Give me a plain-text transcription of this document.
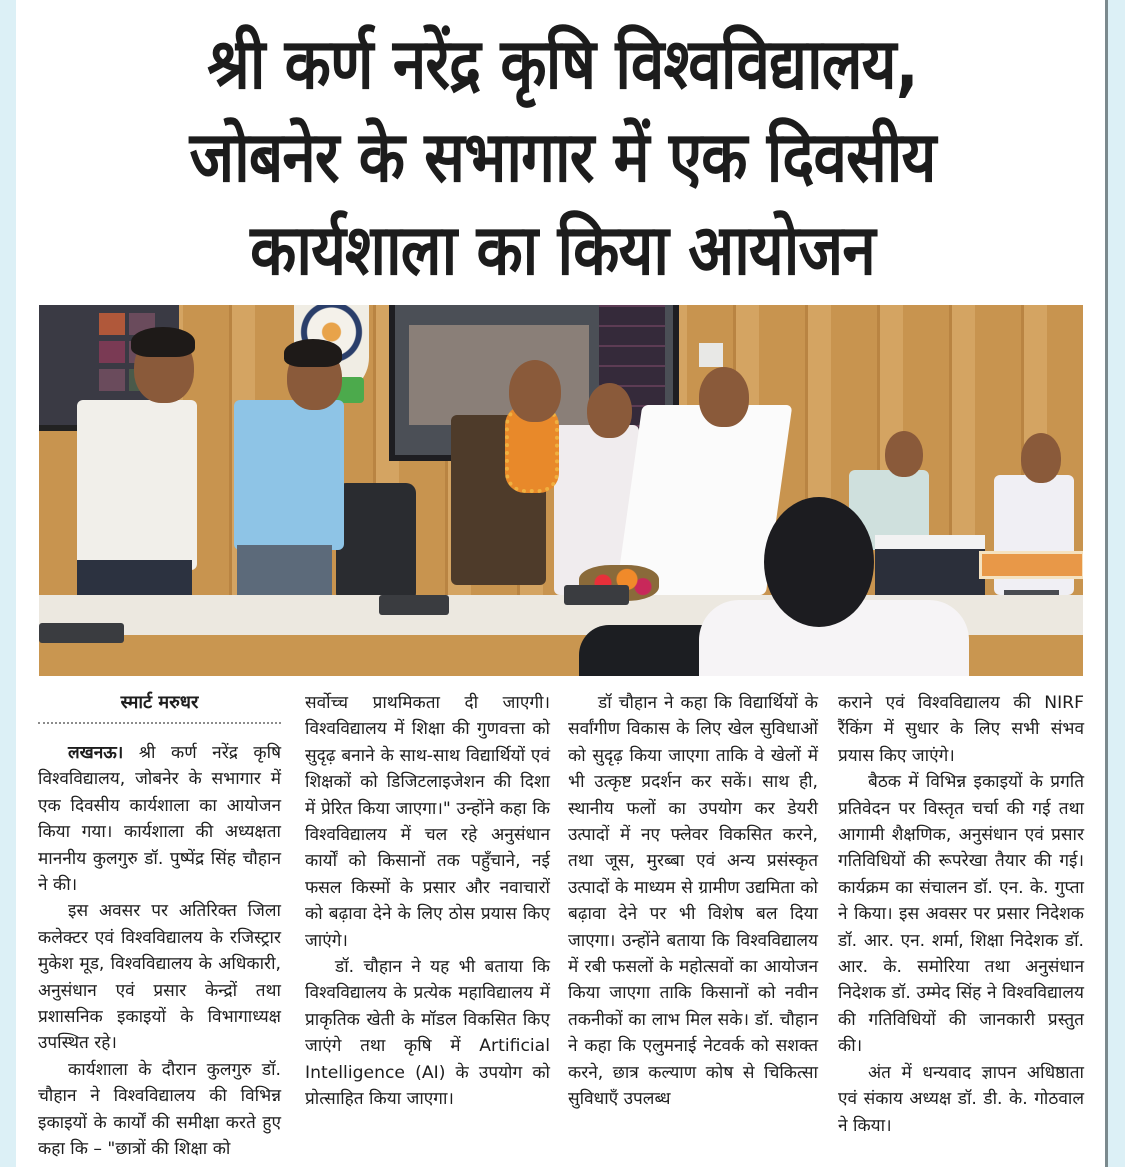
श्री कर्ण नरेंद्र कृषि विश्वविद्यालय,
जोबनेर के सभागार में एक दिवसीय
कार्यशाला का किया आयोजन

स्मार्ट मरुधर

लखनऊ। श्री कर्ण नरेंद्र कृषि विश्वविद्यालय, जोबनेर के सभागार में एक दिवसीय कार्यशाला का आयोजन किया गया। कार्यशाला की अध्यक्षता माननीय कुलगुरु डॉ. पुष्पेंद्र सिंह चौहान ने की।

इस अवसर पर अतिरिक्त जिला कलेक्टर एवं विश्वविद्यालय के रजिस्ट्रार मुकेश मूड, विश्वविद्यालय के अधिकारी, अनुसंधान एवं प्रसार केन्द्रों तथा प्रशासनिक इकाइयों के विभागाध्यक्ष उपस्थित रहे।

कार्यशाला के दौरान कुलगुरु डॉ. चौहान ने विश्वविद्यालय की विभिन्न इकाइयों के कार्यों की समीक्षा करते हुए कहा कि – "छात्रों की शिक्षा को

सर्वोच्च प्राथमिकता दी जाएगी। विश्वविद्यालय में शिक्षा की गुणवत्ता को सुदृढ़ बनाने के साथ-साथ विद्यार्थियों एवं शिक्षकों को डिजिटलाइजेशन की दिशा में प्रेरित किया जाएगा।" उन्होंने कहा कि विश्वविद्यालय में चल रहे अनुसंधान कार्यों को किसानों तक पहुँचाने, नई फसल किस्मों के प्रसार और नवाचारों को बढ़ावा देने के लिए ठोस प्रयास किए जाएंगे।

डॉ. चौहान ने यह भी बताया कि विश्वविद्यालय के प्रत्येक महाविद्यालय में प्राकृतिक खेती के मॉडल विकसित किए जाएंगे तथा कृषि में Artificial Intelligence (AI) के उपयोग को प्रोत्साहित किया जाएगा।

डॉ चौहान ने कहा कि विद्यार्थियों के सर्वांगीण विकास के लिए खेल सुविधाओं को सुदृढ़ किया जाएगा ताकि वे खेलों में भी उत्कृष्ट प्रदर्शन कर सकें। साथ ही, स्थानीय फलों का उपयोग कर डेयरी उत्पादों में नए फ्लेवर विकसित करने, तथा जूस, मुरब्बा एवं अन्य प्रसंस्कृत उत्पादों के माध्यम से ग्रामीण उद्यमिता को बढ़ावा देने पर भी विशेष बल दिया जाएगा। उन्होंने बताया कि विश्वविद्यालय में रबी फसलों के महोत्सवों का आयोजन किया जाएगा ताकि किसानों को नवीन तकनीकों का लाभ मिल सके। डॉ. चौहान ने कहा कि एलुमनाई नेटवर्क को सशक्त करने, छात्र कल्याण कोष से चिकित्सा सुविधाएँ उपलब्ध

कराने एवं विश्वविद्यालय की NIRF रैंकिंग में सुधार के लिए सभी संभव प्रयास किए जाएंगे।

बैठक में विभिन्न इकाइयों के प्रगति प्रतिवेदन पर विस्तृत चर्चा की गई तथा आगामी शैक्षणिक, अनुसंधान एवं प्रसार गतिविधियों की रूपरेखा तैयार की गई। कार्यक्रम का संचालन डॉ. एन. के. गुप्ता ने किया। इस अवसर पर प्रसार निदेशक डॉ. आर. एन. शर्मा, शिक्षा निदेशक डॉ. आर. के. समोरिया तथा अनुसंधान निदेशक डॉ. उम्मेद सिंह ने विश्वविद्यालय की गतिविधियों की जानकारी प्रस्तुत की।

अंत में धन्यवाद ज्ञापन अधिष्ठाता एवं संकाय अध्यक्ष डॉ. डी. के. गोठवाल ने किया।
